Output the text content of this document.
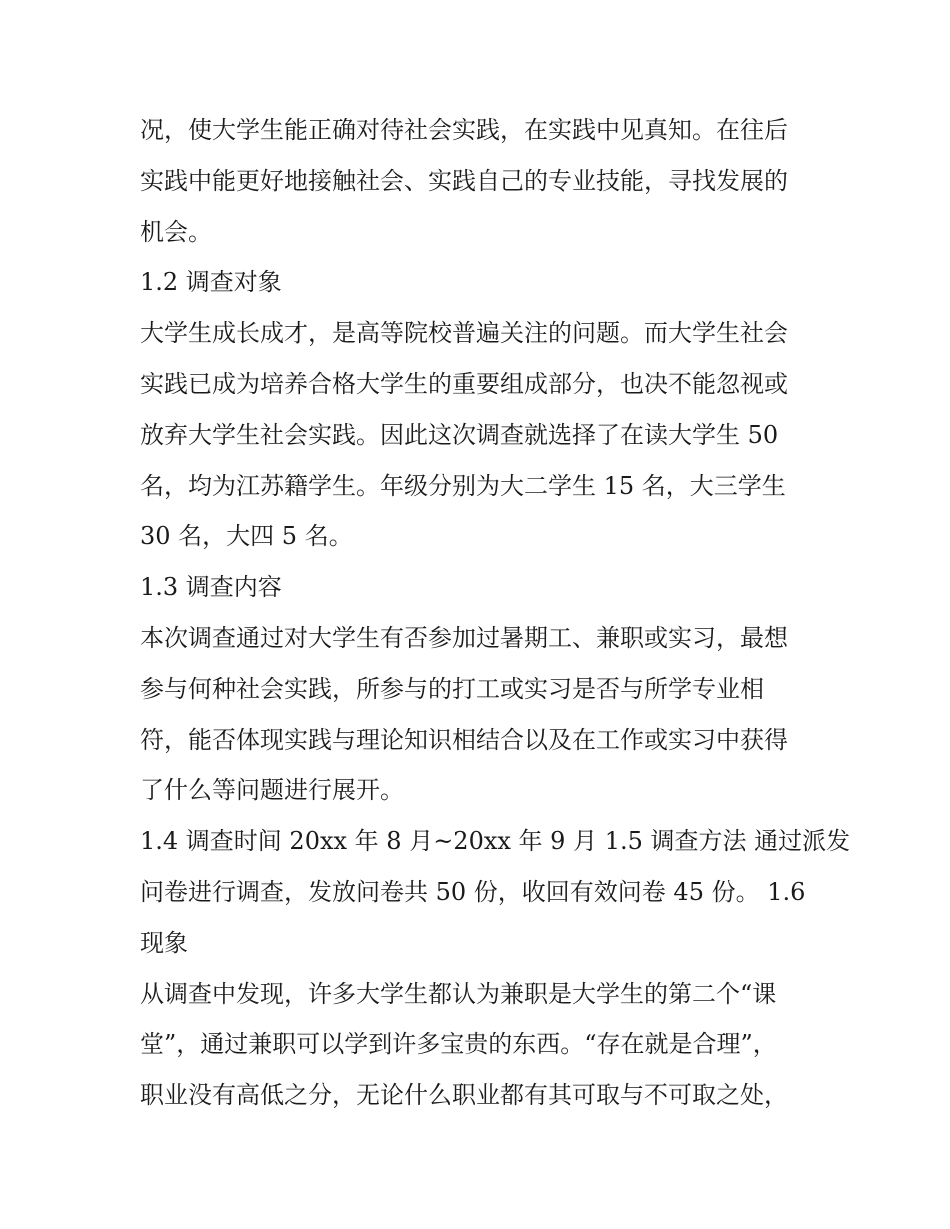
况，使大学生能正确对待社会实践，在实践中见真知。在往后
实践中能更好地接触社会、实践自己的专业技能，寻找发展的
机会。
1.2 调查对象
大学生成长成才，是高等院校普遍关注的问题。而大学生社会
实践已成为培养合格大学生的重要组成部分，也决不能忽视或
放弃大学生社会实践。因此这次调查就选择了在读大学生 50
名，均为江苏籍学生。年级分别为大二学生 15 名，大三学生
30 名，大四 5 名。
1.3 调查内容
本次调查通过对大学生有否参加过暑期工、兼职或实习，最想
参与何种社会实践，所参与的打工或实习是否与所学专业相
符，能否体现实践与理论知识相结合以及在工作或实习中获得
了什么等问题进行展开。
1.4 调查时间 20xx 年 8 月~20xx 年 9 月 1.5 调查方法 通过派发
问卷进行调查，发放问卷共 50 份，收回有效问卷 45 份。 1.6
现象
从调查中发现，许多大学生都认为兼职是大学生的第二个“课
堂”，通过兼职可以学到许多宝贵的东西。“存在就是合理”，
职业没有高低之分，无论什么职业都有其可取与不可取之处，
